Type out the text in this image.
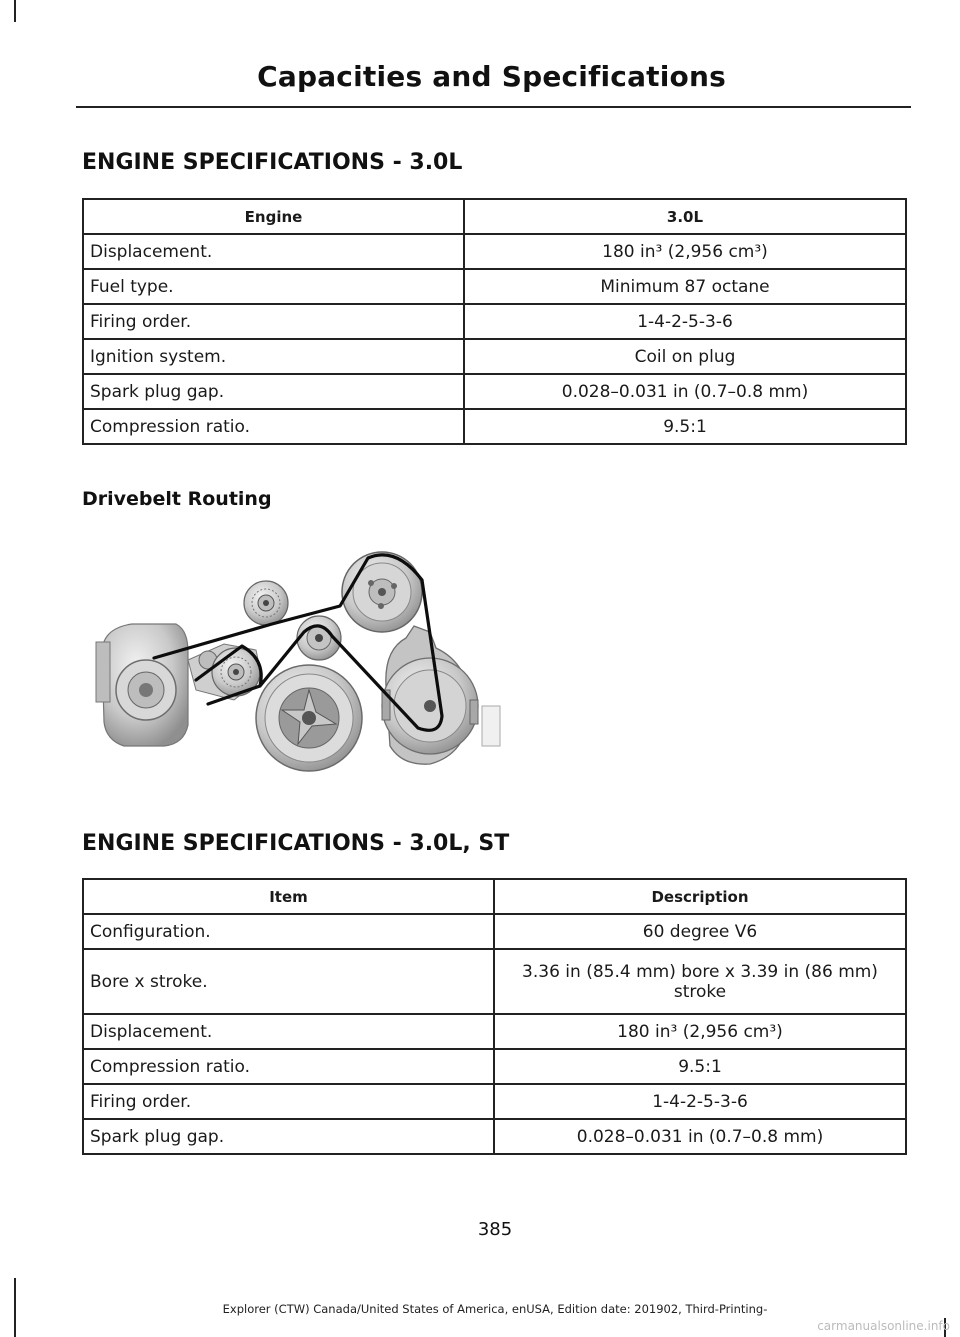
Capacities and Specifications
ENGINE SPECIFICATIONS - 3.0L
Engine	3.0L
Displacement.	180 in³ (2,956 cm³)
Fuel type.	Minimum 87 octane
Firing order.	1-4-2-5-3-6
Ignition system.	Coil on plug
Spark plug gap.	0.028–0.031 in (0.7–0.8 mm)
Compression ratio.	9.5:1
Drivebelt Routing
ENGINE SPECIFICATIONS - 3.0L, ST
Item	Description
Configuration.	60 degree V6
Bore x stroke.	3.36 in (85.4 mm) bore x 3.39 in (86 mm) stroke
Displacement.	180 in³ (2,956 cm³)
Compression ratio.	9.5:1
Firing order.	1-4-2-5-3-6
Spark plug gap.	0.028–0.031 in (0.7–0.8 mm)
385
Explorer (CTW) Canada/United States of America, enUSA, Edition date: 201902, Third-Printing-
carmanualsonline.info
